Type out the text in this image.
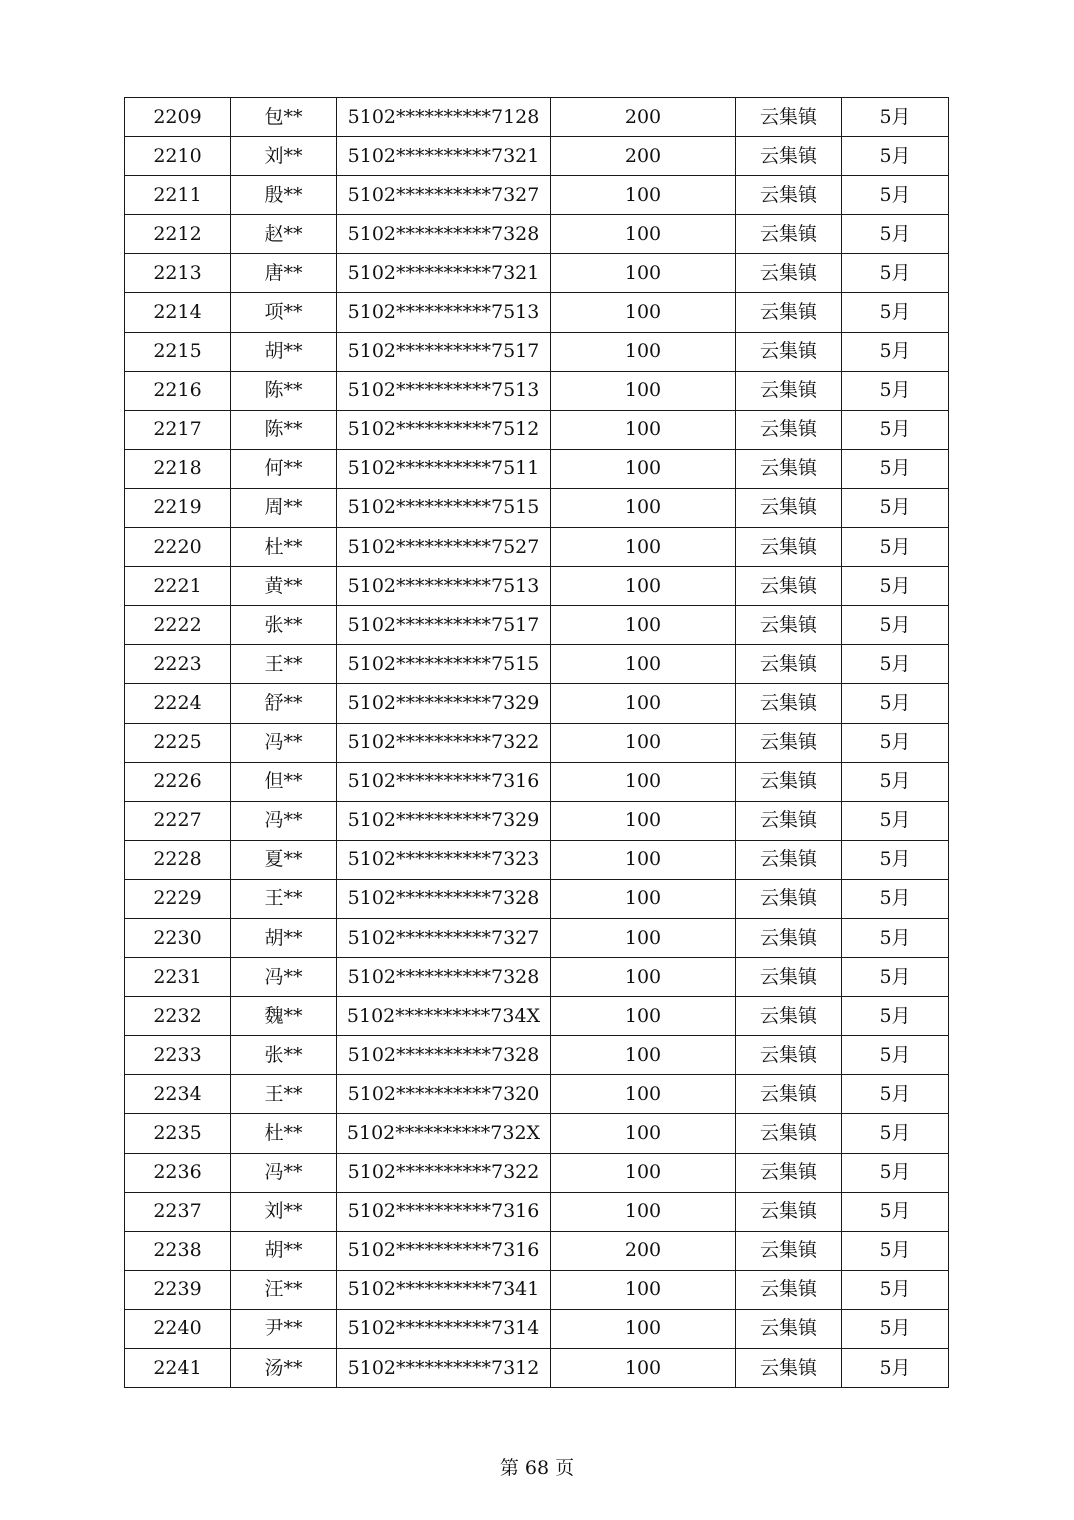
2209	包**	5102**********7128	200	云集镇	5月
2210	刘**	5102**********7321	200	云集镇	5月
2211	殷**	5102**********7327	100	云集镇	5月
2212	赵**	5102**********7328	100	云集镇	5月
2213	唐**	5102**********7321	100	云集镇	5月
2214	项**	5102**********7513	100	云集镇	5月
2215	胡**	5102**********7517	100	云集镇	5月
2216	陈**	5102**********7513	100	云集镇	5月
2217	陈**	5102**********7512	100	云集镇	5月
2218	何**	5102**********7511	100	云集镇	5月
2219	周**	5102**********7515	100	云集镇	5月
2220	杜**	5102**********7527	100	云集镇	5月
2221	黄**	5102**********7513	100	云集镇	5月
2222	张**	5102**********7517	100	云集镇	5月
2223	王**	5102**********7515	100	云集镇	5月
2224	舒**	5102**********7329	100	云集镇	5月
2225	冯**	5102**********7322	100	云集镇	5月
2226	但**	5102**********7316	100	云集镇	5月
2227	冯**	5102**********7329	100	云集镇	5月
2228	夏**	5102**********7323	100	云集镇	5月
2229	王**	5102**********7328	100	云集镇	5月
2230	胡**	5102**********7327	100	云集镇	5月
2231	冯**	5102**********7328	100	云集镇	5月
2232	魏**	5102**********734X	100	云集镇	5月
2233	张**	5102**********7328	100	云集镇	5月
2234	王**	5102**********7320	100	云集镇	5月
2235	杜**	5102**********732X	100	云集镇	5月
2236	冯**	5102**********7322	100	云集镇	5月
2237	刘**	5102**********7316	100	云集镇	5月
2238	胡**	5102**********7316	200	云集镇	5月
2239	汪**	5102**********7341	100	云集镇	5月
2240	尹**	5102**********7314	100	云集镇	5月
2241	汤**	5102**********7312	100	云集镇	5月
第 68 页
